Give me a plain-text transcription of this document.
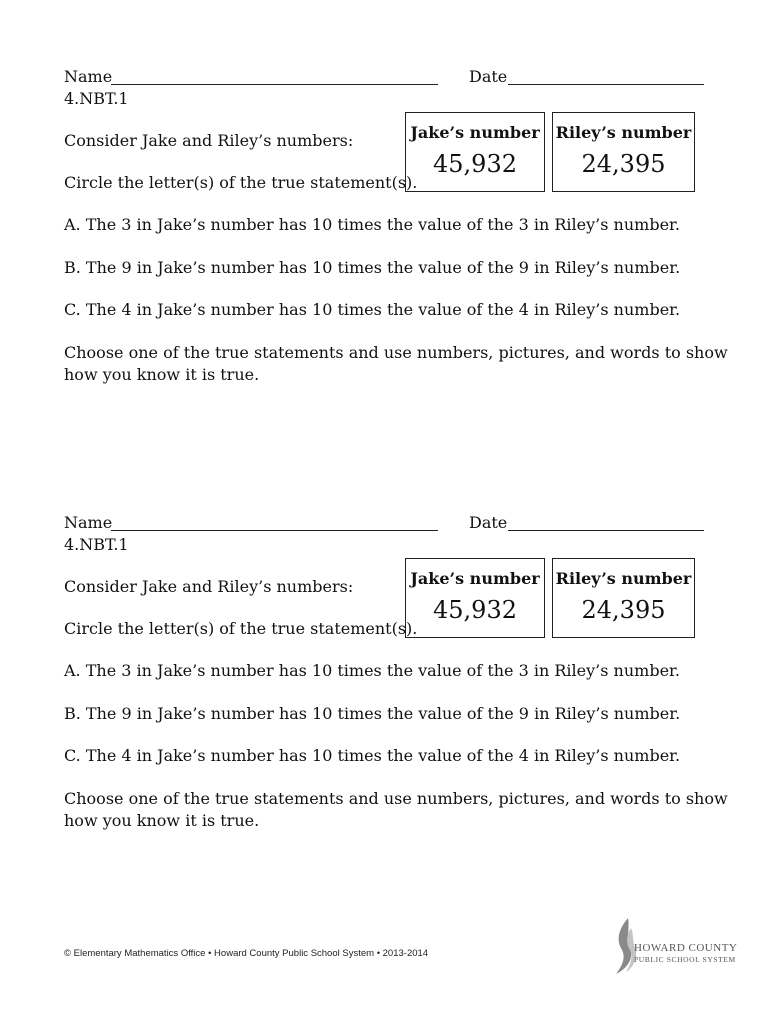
Name	Date
4.NBT.1
Consider Jake and Riley’s numbers:
Circle the letter(s) of the true statement(s).
Jake’s number
45,932
Riley’s number
24,395
A. The 3 in Jake’s number has 10 times the value of the 3 in Riley’s number.
B. The 9 in Jake’s number has 10 times the value of the 9 in Riley’s number.
C. The 4 in Jake’s number has 10 times the value of the 4 in Riley’s number.
Choose one of the true statements and use numbers, pictures, and words to show
how you know it is true.
Name	Date
4.NBT.1
Consider Jake and Riley’s numbers:
Circle the letter(s) of the true statement(s).
Jake’s number
45,932
Riley’s number
24,395
A. The 3 in Jake’s number has 10 times the value of the 3 in Riley’s number.
B. The 9 in Jake’s number has 10 times the value of the 9 in Riley’s number.
C. The 4 in Jake’s number has 10 times the value of the 4 in Riley’s number.
Choose one of the true statements and use numbers, pictures, and words to show
how you know it is true.
© Elementary Mathematics Office • Howard County Public School System • 2013-2014	HOWARD COUNTY
PUBLIC SCHOOL SYSTEM
